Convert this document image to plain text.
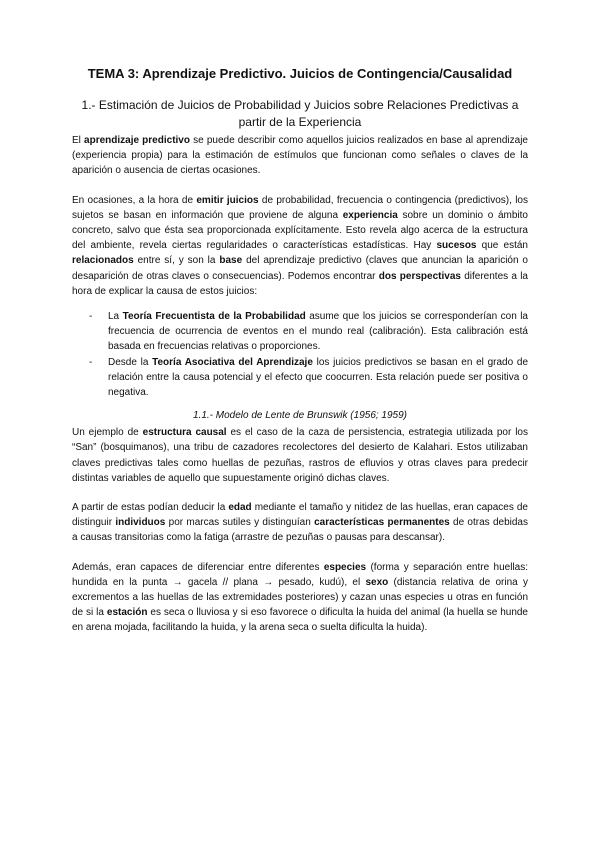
TEMA 3: Aprendizaje Predictivo. Juicios de Contingencia/Causalidad
1.- Estimación de Juicios de Probabilidad y Juicios sobre Relaciones Predictivas a partir de la Experiencia

El aprendizaje predictivo se puede describir como aquellos juicios realizados en base al aprendizaje (experiencia propia) para la estimación de estímulos que funcionan como señales o claves de la aparición o ausencia de ciertas ocasiones.

En ocasiones, a la hora de emitir juicios de probabilidad, frecuencia o contingencia (predictivos), los sujetos se basan en información que proviene de alguna experiencia sobre un dominio o ámbito concreto, salvo que ésta sea proporcionada explícitamente. Esto revela algo acerca de la estructura del ambiente, revela ciertas regularidades o características estadísticas. Hay sucesos que están relacionados entre sí, y son la base del aprendizaje predictivo (claves que anuncian la aparición o desaparición de otras claves o consecuencias). Podemos encontrar dos perspectivas diferentes a la hora de explicar la causa de estos juicios:

- La Teoría Frecuentista de la Probabilidad asume que los juicios se corresponderían con la frecuencia de ocurrencia de eventos en el mundo real (calibración). Esta calibración está basada en frecuencias relativas o proporciones.
- Desde la Teoría Asociativa del Aprendizaje los juicios predictivos se basan en el grado de relación entre la causa potencial y el efecto que coocurren. Esta relación puede ser positiva o negativa.
1.1.- Modelo de Lente de Brunswik (1956; 1959)

Un ejemplo de estructura causal es el caso de la caza de persistencia, estrategia utilizada por los “San” (bosquimanos), una tribu de cazadores recolectores del desierto de Kalahari. Estos utilizaban claves predictivas tales como huellas de pezuñas, rastros de efluvios y otras claves para predecir distintas variables de aquello que supuestamente originó dichas claves.

A partir de estas podían deducir la edad mediante el tamaño y nitidez de las huellas, eran capaces de distinguir individuos por marcas sutiles y distinguían características permanentes de otras debidas a causas transitorias como la fatiga (arrastre de pezuñas o pausas para descansar).

Además, eran capaces de diferenciar entre diferentes especies (forma y separación entre huellas: hundida en la punta → gacela // plana → pesado, kudú), el sexo (distancia relativa de orina y excrementos a las huellas de las extremidades posteriores) y cazan unas especies u otras en función de si la estación es seca o lluviosa y si eso favorece o dificulta la huida del animal (la huella se hunde en arena mojada, facilitando la huida, y la arena seca o suelta dificulta la huida).
